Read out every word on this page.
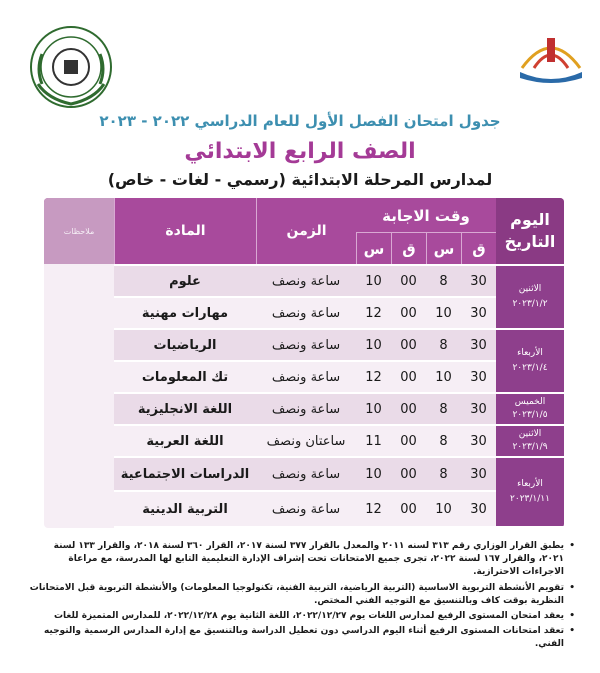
جدول امتحان الفصل الأول للعام الدراسي ٢٠٢٢ - ٢٠٢٣
الصف الرابع الابتدائي
لمدارس المرحلة الابتدائية (رسمي - لغات - خاص)
اليوم
التاريخ
وقت الاجابة
ق
س
ق
س
الزمن
المادة
ملاحظات
الاثنين
٢٠٢٣/١/٢
الأربعاء
٢٠٢٣/١/٤
الخميس
٢٠٢٣/١/٥
الاثنين
٢٠٢٣/١/٩
الأربعاء
٢٠٢٣/١/١١
30
8
00
10
ساعة ونصف
علوم
30
10
00
12
ساعة ونصف
مهارات مهنية
30
8
00
10
ساعة ونصف
الرياضيات
30
10
00
12
ساعة ونصف
تك المعلومات
30
8
00
10
ساعة ونصف
اللغة الانجليزية
30
8
00
11
ساعتان ونصف
اللغة العربية
30
8
00
10
ساعة ونصف
الدراسات الاجتماعية
30
10
00
12
ساعة ونصف
التربية الدينية
• يطبق القرار الوزاري رقم ٣١٣ لسنه ٢٠١١ والمعدل بالقرار ٣٧٧ لسنة ٢٠١٧، القرار ٣٦٠ لسنة ٢٠١٨، والقرار ١٣٣ لسنة ٢٠٢١، والقرار ١٦٧ لسنة ٢٠٢٢، تجرى جميع الامتحانات تحت إشراف الإدارة التعليمية التابع لها المدرسة، مع مراعاة الاجراءات الاحترازية.
• تقويم الأنشطة التربوية الاساسية (التربية الرياضية، التربية الفنية، تكنولوجيا المعلومات) والأنشطة التربوية قبل الامتحانات النظرية بوقت كاف وبالتنسيق مع التوجيه الفني المختص.
• يعقد امتحان المستوى الرفيع لمدارس اللغات يوم ٢٠٢٢/١٢/٢٧، اللغة الثانية يوم ٢٠٢٢/١٢/٢٨، للمدارس المتميزة للغات
• تعقد امتحانات المستوى الرفيع أثناء اليوم الدراسي دون تعطيل الدراسة وبالتنسيق مع إدارة المدارس الرسمية والتوجيه الفني.
